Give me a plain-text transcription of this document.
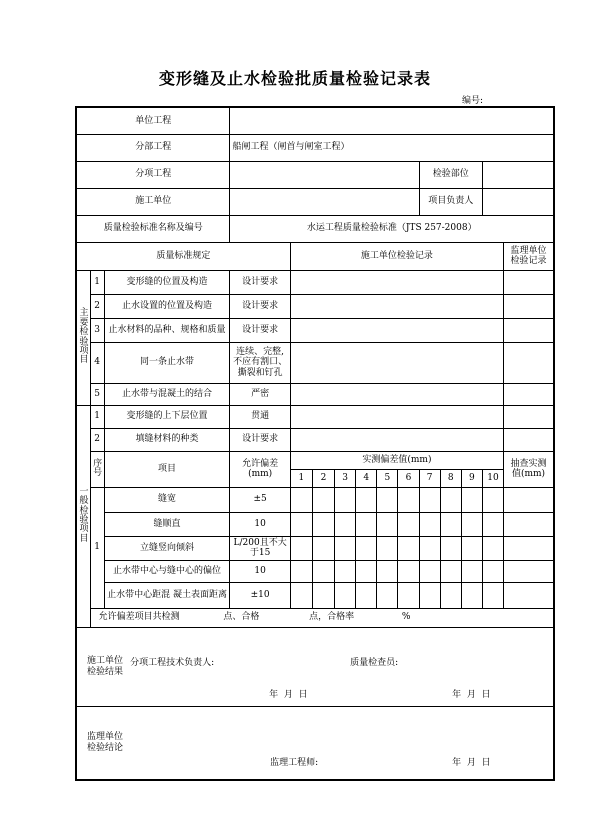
变形缝及止水检验批质量检验记录表
编号:
单位工程														
分部工程			船闸工程（闸首与闸室工程）											
分项工程										检验部位				
施工单位										项目负责人				
质量检验标准名称及编号			水运工程质量检验标准（JTS 257-2008）											
质量标准规定				施工单位检验记录										监理单位检验记录

主要检验项目	1	变形缝的位置及构造	设计要求											
	2	止水设置的位置及构造	设计要求											
	3	止水材料的品种、规格和质量	设计要求											
	4	同一条止水带	连续、完整,不应有割口、撕裂和钉孔											
	5	止水带与混凝土的结合	严密											

一般检验项目	1	变形缝的上下层位置	贯通											
	2	填缝材料的种类	设计要求											

	序号	项目	允许偏差(mm)	实测偏差值(mm)										抽查实测值(mm)
				1	2	3	4	5	6	7	8	9	10	
	1	缝宽	±5											
		缝顺直	10											
		立缝竖向倾斜	L/200且不大于15											
		止水带中心与缝中心的偏位	10											
		止水带中心距混 凝土表面距离	±10											
	允许偏差项目共检测 点、合格 点，合格率 %													

施工单位检验结果		分项工程技术负责人: 质量检查员:
年  月  日 年  月  日												

监理单位检验结论		监理工程师: 年  月  日												
